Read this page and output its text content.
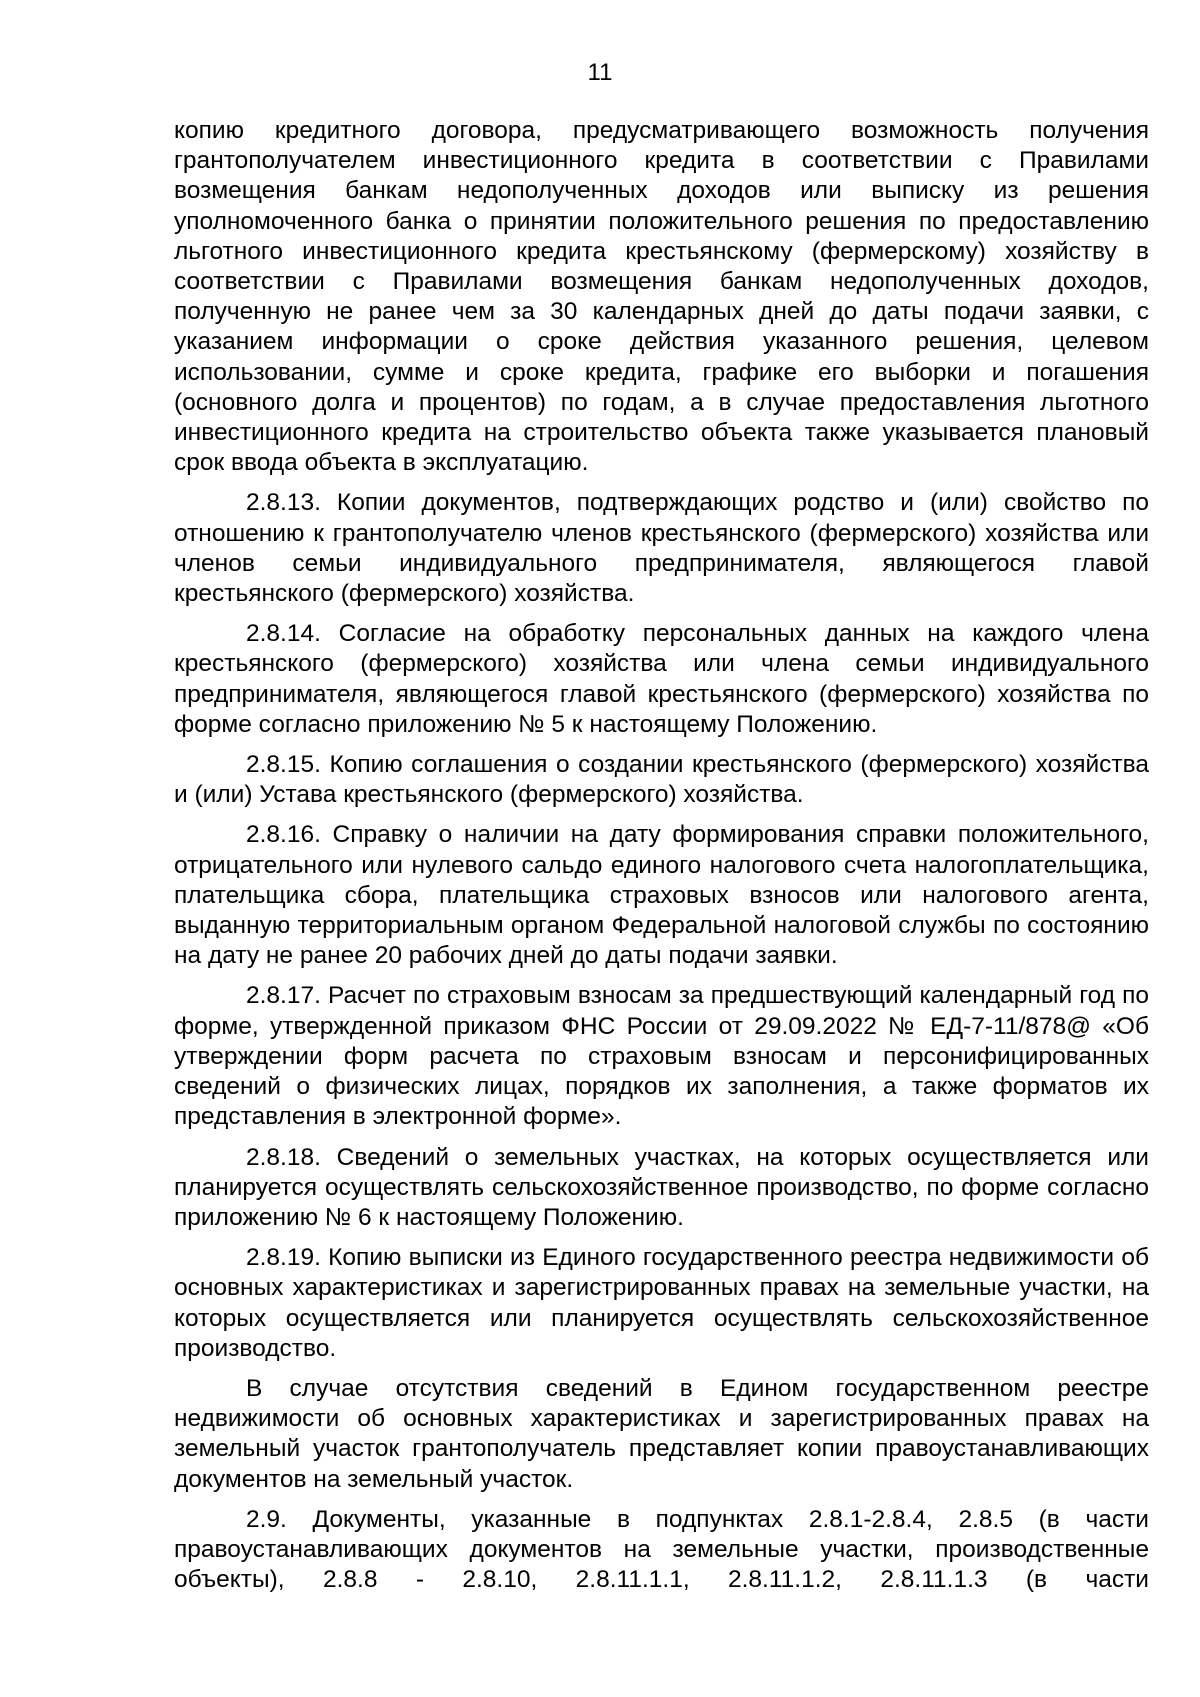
11

копию кредитного договора, предусматривающего возможность получения грантополучателем инвестиционного кредита в соответствии с Правилами возмещения банкам недополученных доходов или выписку из решения уполномоченного банка о принятии положительного решения по предоставлению льготного инвестиционного кредита крестьянскому (фермерскому) хозяйству в соответствии с Правилами возмещения банкам недополученных доходов, полученную не ранее чем за 30 календарных дней до даты подачи заявки, с указанием информации о сроке действия указанного решения, целевом использовании, сумме и сроке кредита, графике его выборки и погашения (основного долга и процентов) по годам, а в случае предоставления льготного инвестиционного кредита на строительство объекта также указывается плановый срок ввода объекта в эксплуатацию.

2.8.13. Копии документов, подтверждающих родство и (или) свойство по отношению к грантополучателю членов крестьянского (фермерского) хозяйства или членов семьи индивидуального предпринимателя, являющегося главой крестьянского (фермерского) хозяйства.

2.8.14. Согласие на обработку персональных данных на каждого члена крестьянского (фермерского) хозяйства или члена семьи индивидуального предпринимателя, являющегося главой крестьянского (фермерского) хозяйства по форме согласно приложению № 5 к настоящему Положению.

2.8.15. Копию соглашения о создании крестьянского (фермерского) хозяйства и (или) Устава крестьянского (фермерского) хозяйства.

2.8.16. Справку о наличии на дату формирования справки положительного, отрицательного или нулевого сальдо единого налогового счета налогоплательщика, плательщика сбора, плательщика страховых взносов или налогового агента, выданную территориальным органом Федеральной налоговой службы по состоянию на дату не ранее 20 рабочих дней до даты подачи заявки.

2.8.17. Расчет по страховым взносам за предшествующий календарный год по форме, утвержденной приказом ФНС России от 29.09.2022 № ЕД-7-11/878@ «Об утверждении форм расчета по страховым взносам и персонифицированных сведений о физических лицах, порядков их заполнения, а также форматов их представления в электронной форме».

2.8.18. Сведений о земельных участках, на которых осуществляется или планируется осуществлять сельскохозяйственное производство, по форме согласно приложению № 6 к настоящему Положению.

2.8.19. Копию выписки из Единого государственного реестра недвижимости об основных характеристиках и зарегистрированных правах на земельные участки, на которых осуществляется или планируется осуществлять сельскохозяйственное производство.

В случае отсутствия сведений в Едином государственном реестре недвижимости об основных характеристиках и зарегистрированных правах на земельный участок грантополучатель представляет копии правоустанавливающих документов на земельный участок.

2.9. Документы, указанные в подпунктах 2.8.1-2.8.4, 2.8.5 (в части правоустанавливающих документов на земельные участки, производственные объекты), 2.8.8 - 2.8.10, 2.8.11.1.1, 2.8.11.1.2, 2.8.11.1.3 (в части
